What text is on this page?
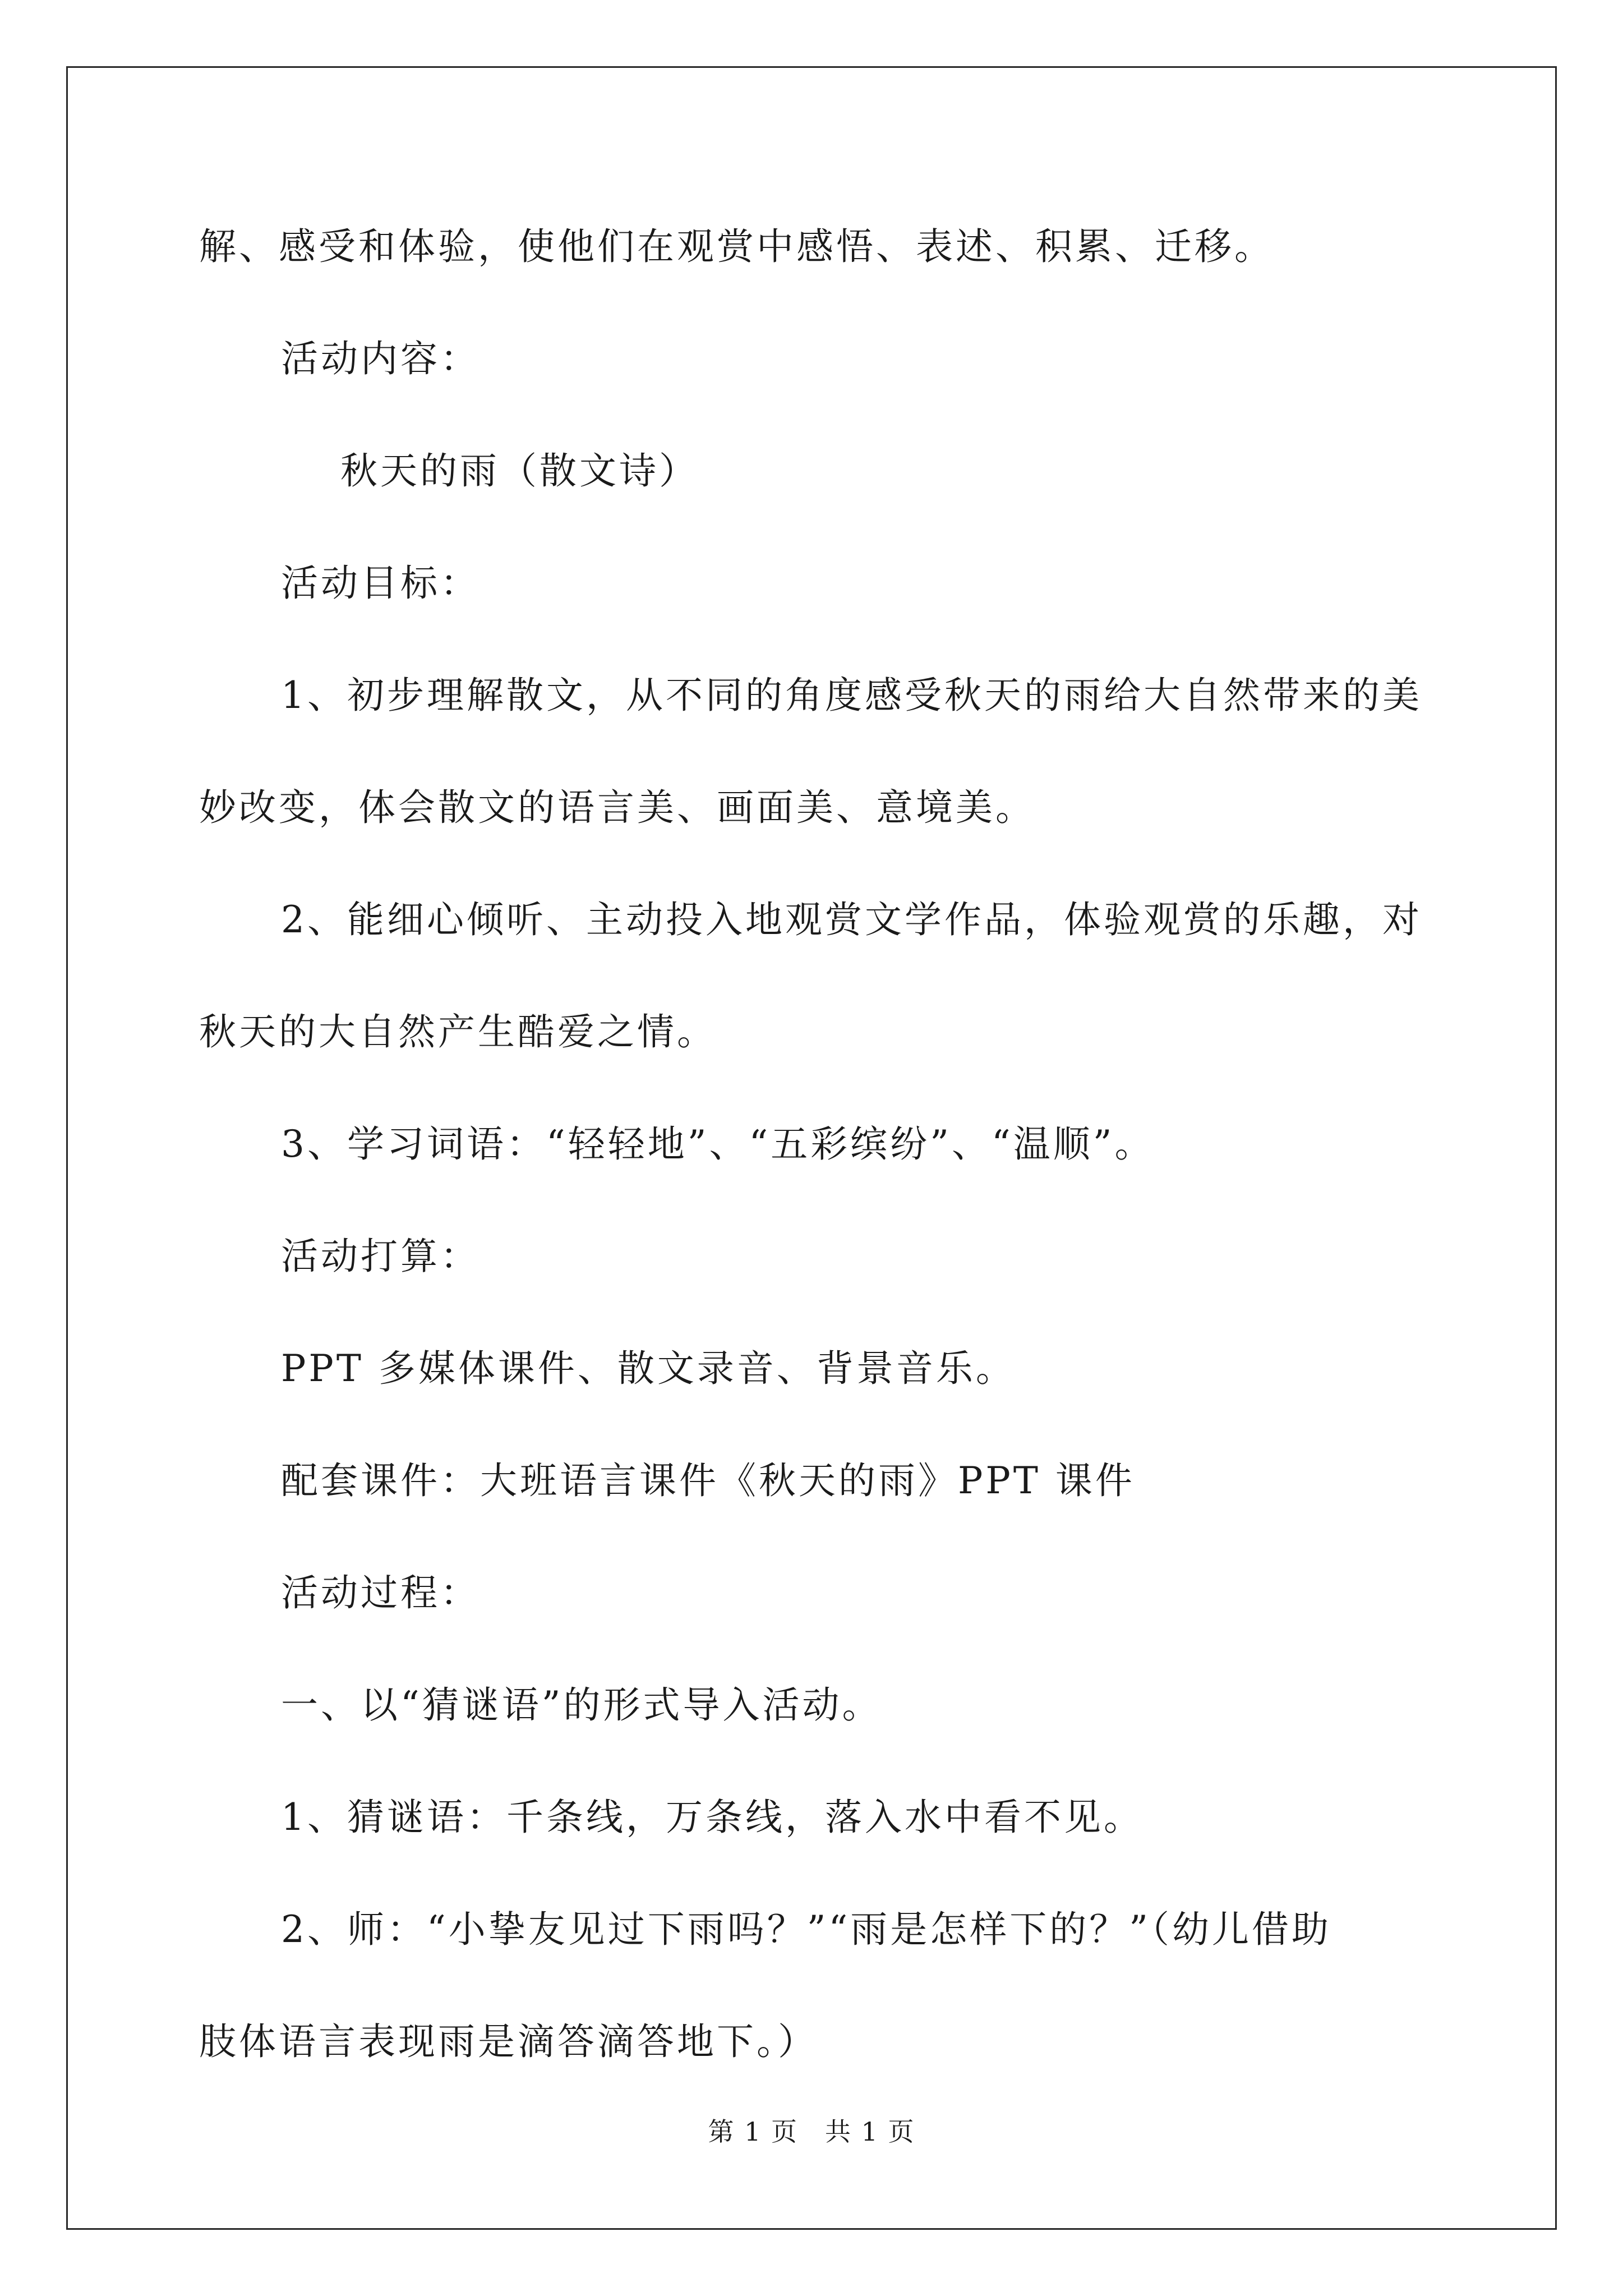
解、感受和体验，使他们在观赏中感悟、表述、积累、迁移。
活动内容：
秋天的雨（散文诗）
活动目标：
1、初步理解散文，从不同的角度感受秋天的雨给大自然带来的美
妙改变，体会散文的语言美、画面美、意境美。
2、能细心倾听、主动投入地观赏文学作品，体验观赏的乐趣，对
秋天的大自然产生酷爱之情。
3、学习词语：“轻轻地”、“五彩缤纷”、“温顺”。
活动打算：
PPT 多媒体课件、散文录音、背景音乐。
配套课件：大班语言课件《秋天的雨》PPT 课件
活动过程：
一、以“猜谜语”的形式导入活动。
1、猜谜语：千条线，万条线，落入水中看不见。
2、师：“小挚友见过下雨吗？”“雨是怎样下的？”（幼儿借助
肢体语言表现雨是滴答滴答地下。）
第 1 页　共 1 页
